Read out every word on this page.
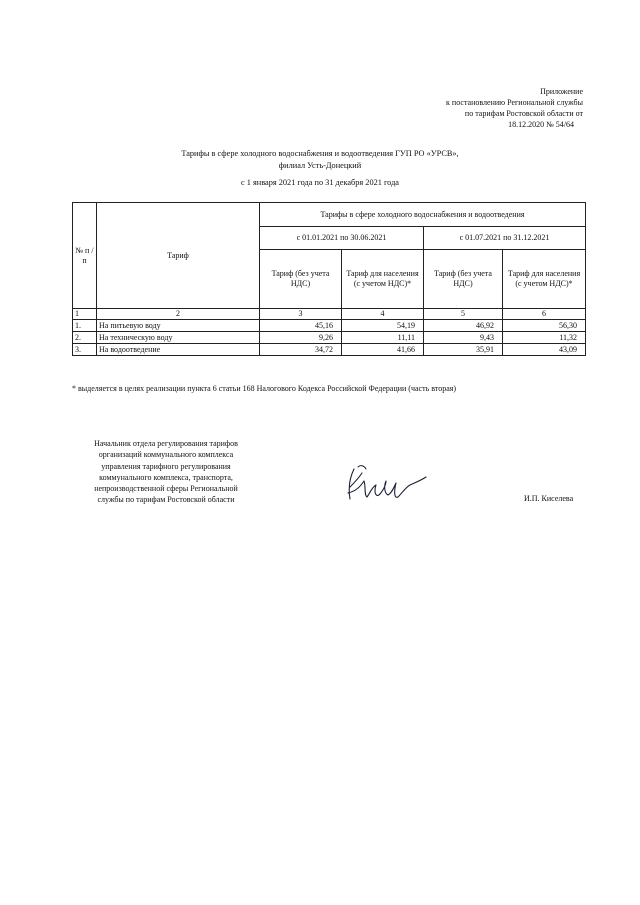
Приложение
к постановлению Региональной службы
по тарифам Ростовской области от
18.12.2020 № 54/64
Тарифы в сфере холодного водоснабжения и водоотведения ГУП РО «УРСВ»,
филиал Усть-Донецкий
с 1 января 2021 года по 31 декабря 2021 года
№ п /п	Тариф	Тарифы в сфере холодного водоснабжения и водоотведения			
		с 01.01.2021 по 30.06.2021		с 01.07.2021 по 31.12.2021	
		Тариф (без учета НДС)	Тариф для населения (с учетом НДС)*	Тариф (без учета НДС)	Тариф для населения (с учетом НДС)*
1	2	3	4	5	6
1.	На питьевую воду	45,16	54,19	46,92	56,30
2.	На техническую воду	9,26	11,11	9,43	11,32
3.	На водоотведение	34,72	41,66	35,91	43,09
* выделяется в целях реализации пункта 6 статьи 168 Налогового Кодекса Российской Федерации (часть вторая)
Начальник отдела регулирования тарифов
организаций коммунального комплекса
управления тарифного регулирования
коммунального комплекса, транспорта,
непроизводственной сферы Региональной
службы по тарифам Ростовской области	И.П. Киселева
